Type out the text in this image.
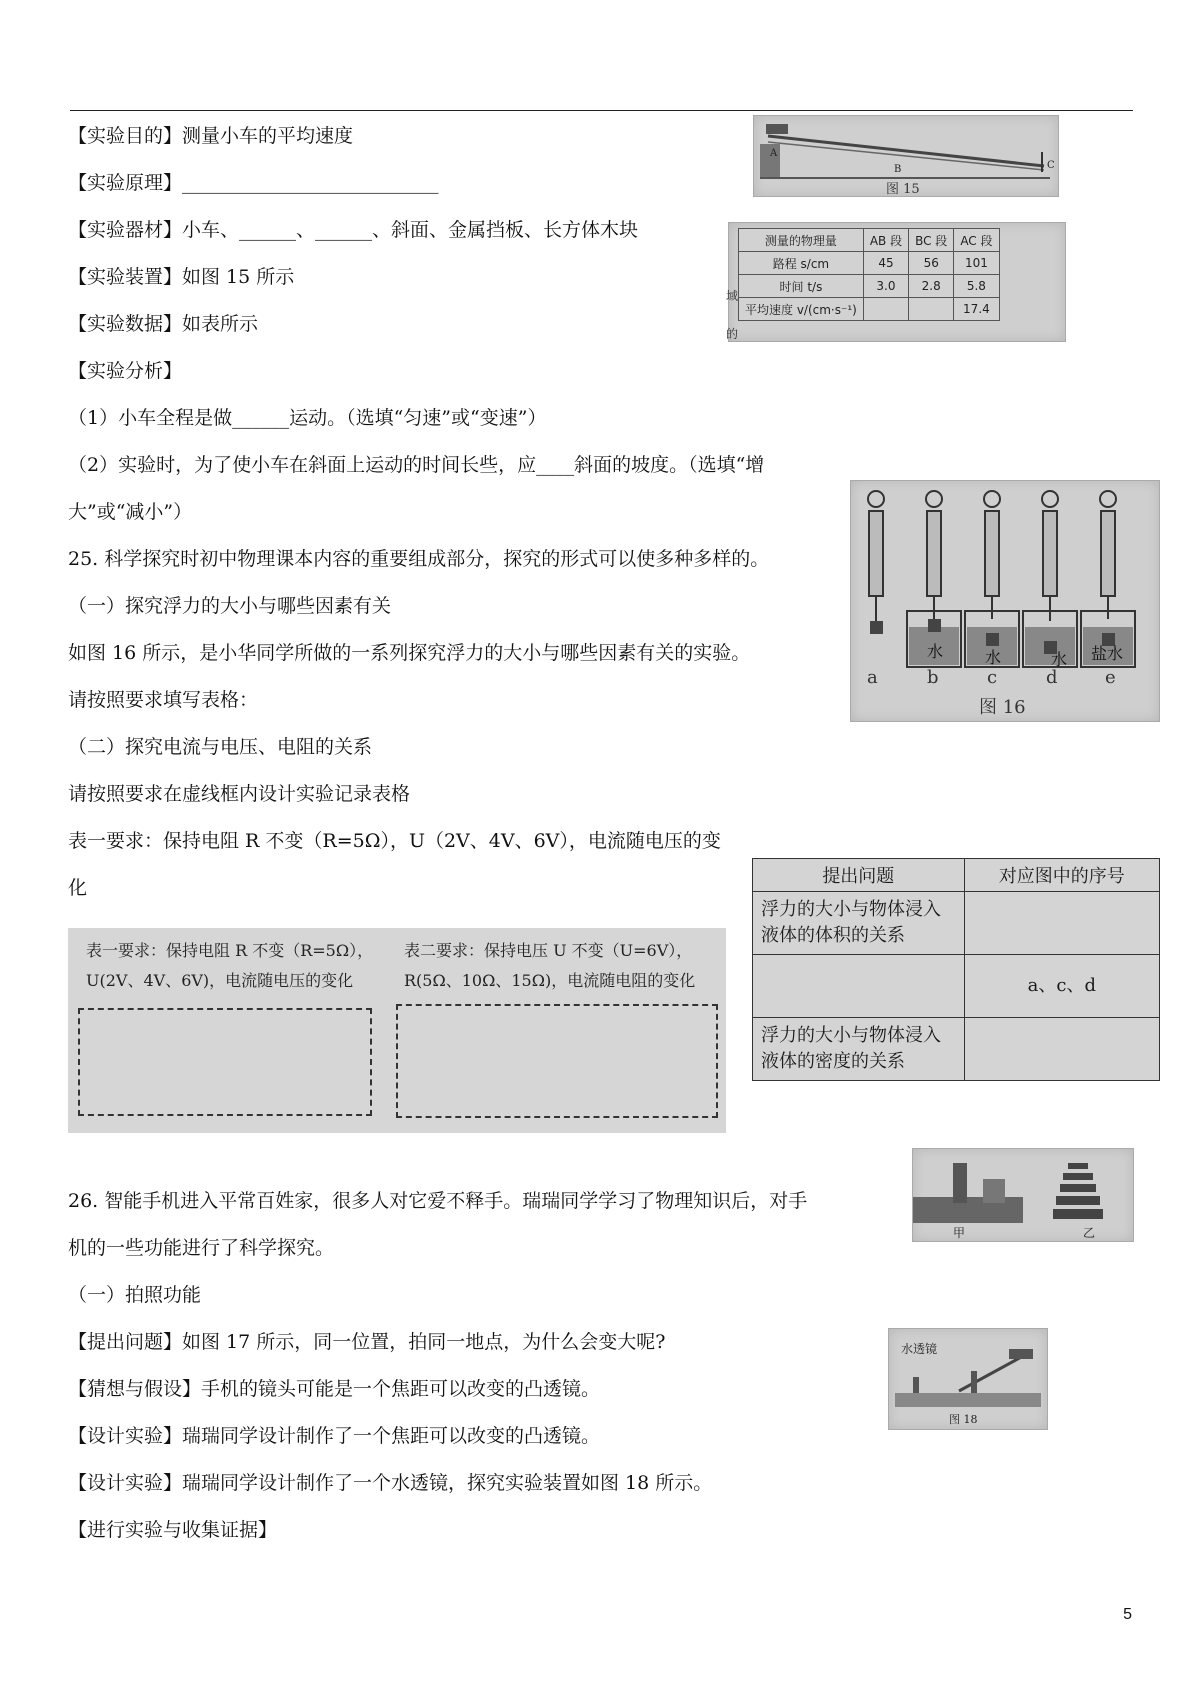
【实验目的】测量小车的平均速度
【实验原理】___________________________
【实验器材】小车、______、______、斜面、金属挡板、长方体木块
【实验装置】如图 15 所示
【实验数据】如表所示
【实验分析】
（1）小车全程是做______运动。（选填“匀速”或“变速”）
（2）实验时，为了使小车在斜面上运动的时间长些，应____斜面的坡度。（选填“增
大”或“减小”）
25. 科学探究时初中物理课本内容的重要组成部分，探究的形式可以使多种多样的。
（一）探究浮力的大小与哪些因素有关
如图 16 所示，是小华同学所做的一系列探究浮力的大小与哪些因素有关的实验。
请按照要求填写表格：
（二）探究电流与电压、电阻的关系
请按照要求在虚线框内设计实验记录表格
表一要求：保持电阻 R 不变（R=5Ω），U（2V、4V、6V），电流随电压的变
化
26. 智能手机进入平常百姓家，很多人对它爱不释手。瑞瑞同学学习了物理知识后，对手
机的一些功能进行了科学探究。
（一）拍照功能
【提出问题】如图 17 所示，同一位置，拍同一地点，为什么会变大呢?
【猜想与假设】手机的镜头可能是一个焦距可以改变的凸透镜。
【设计实验】瑞瑞同学设计制作了一个焦距可以改变的凸透镜。
【设计实验】瑞瑞同学设计制作了一个水透镜，探究实验装置如图 18 所示。
【进行实验与收集证据】
A
B	C
图 15
域
的
测量的物理量	AB 段	BC 段	AC 段
路程 s/cm	45	56	101
时间 t/s	3.0	2.8	5.8
平均速度 v/(cm·s⁻¹)			17.4
水	水	水 盐水
a	b	c	d	e
图 16
提出问题	对应图中的序号
浮力的大小与物体浸入液体的体积的关系	
	a、c、d
浮力的大小与物体浸入液体的密度的关系	
表一要求：保持电阻 R 不变（R=5Ω），
U(2V、4V、6V)，电流随电压的变化
表二要求：保持电压 U 不变（U=6V），
R(5Ω、10Ω、15Ω)，电流随电阻的变化
甲	乙
水透镜
图 18
5
